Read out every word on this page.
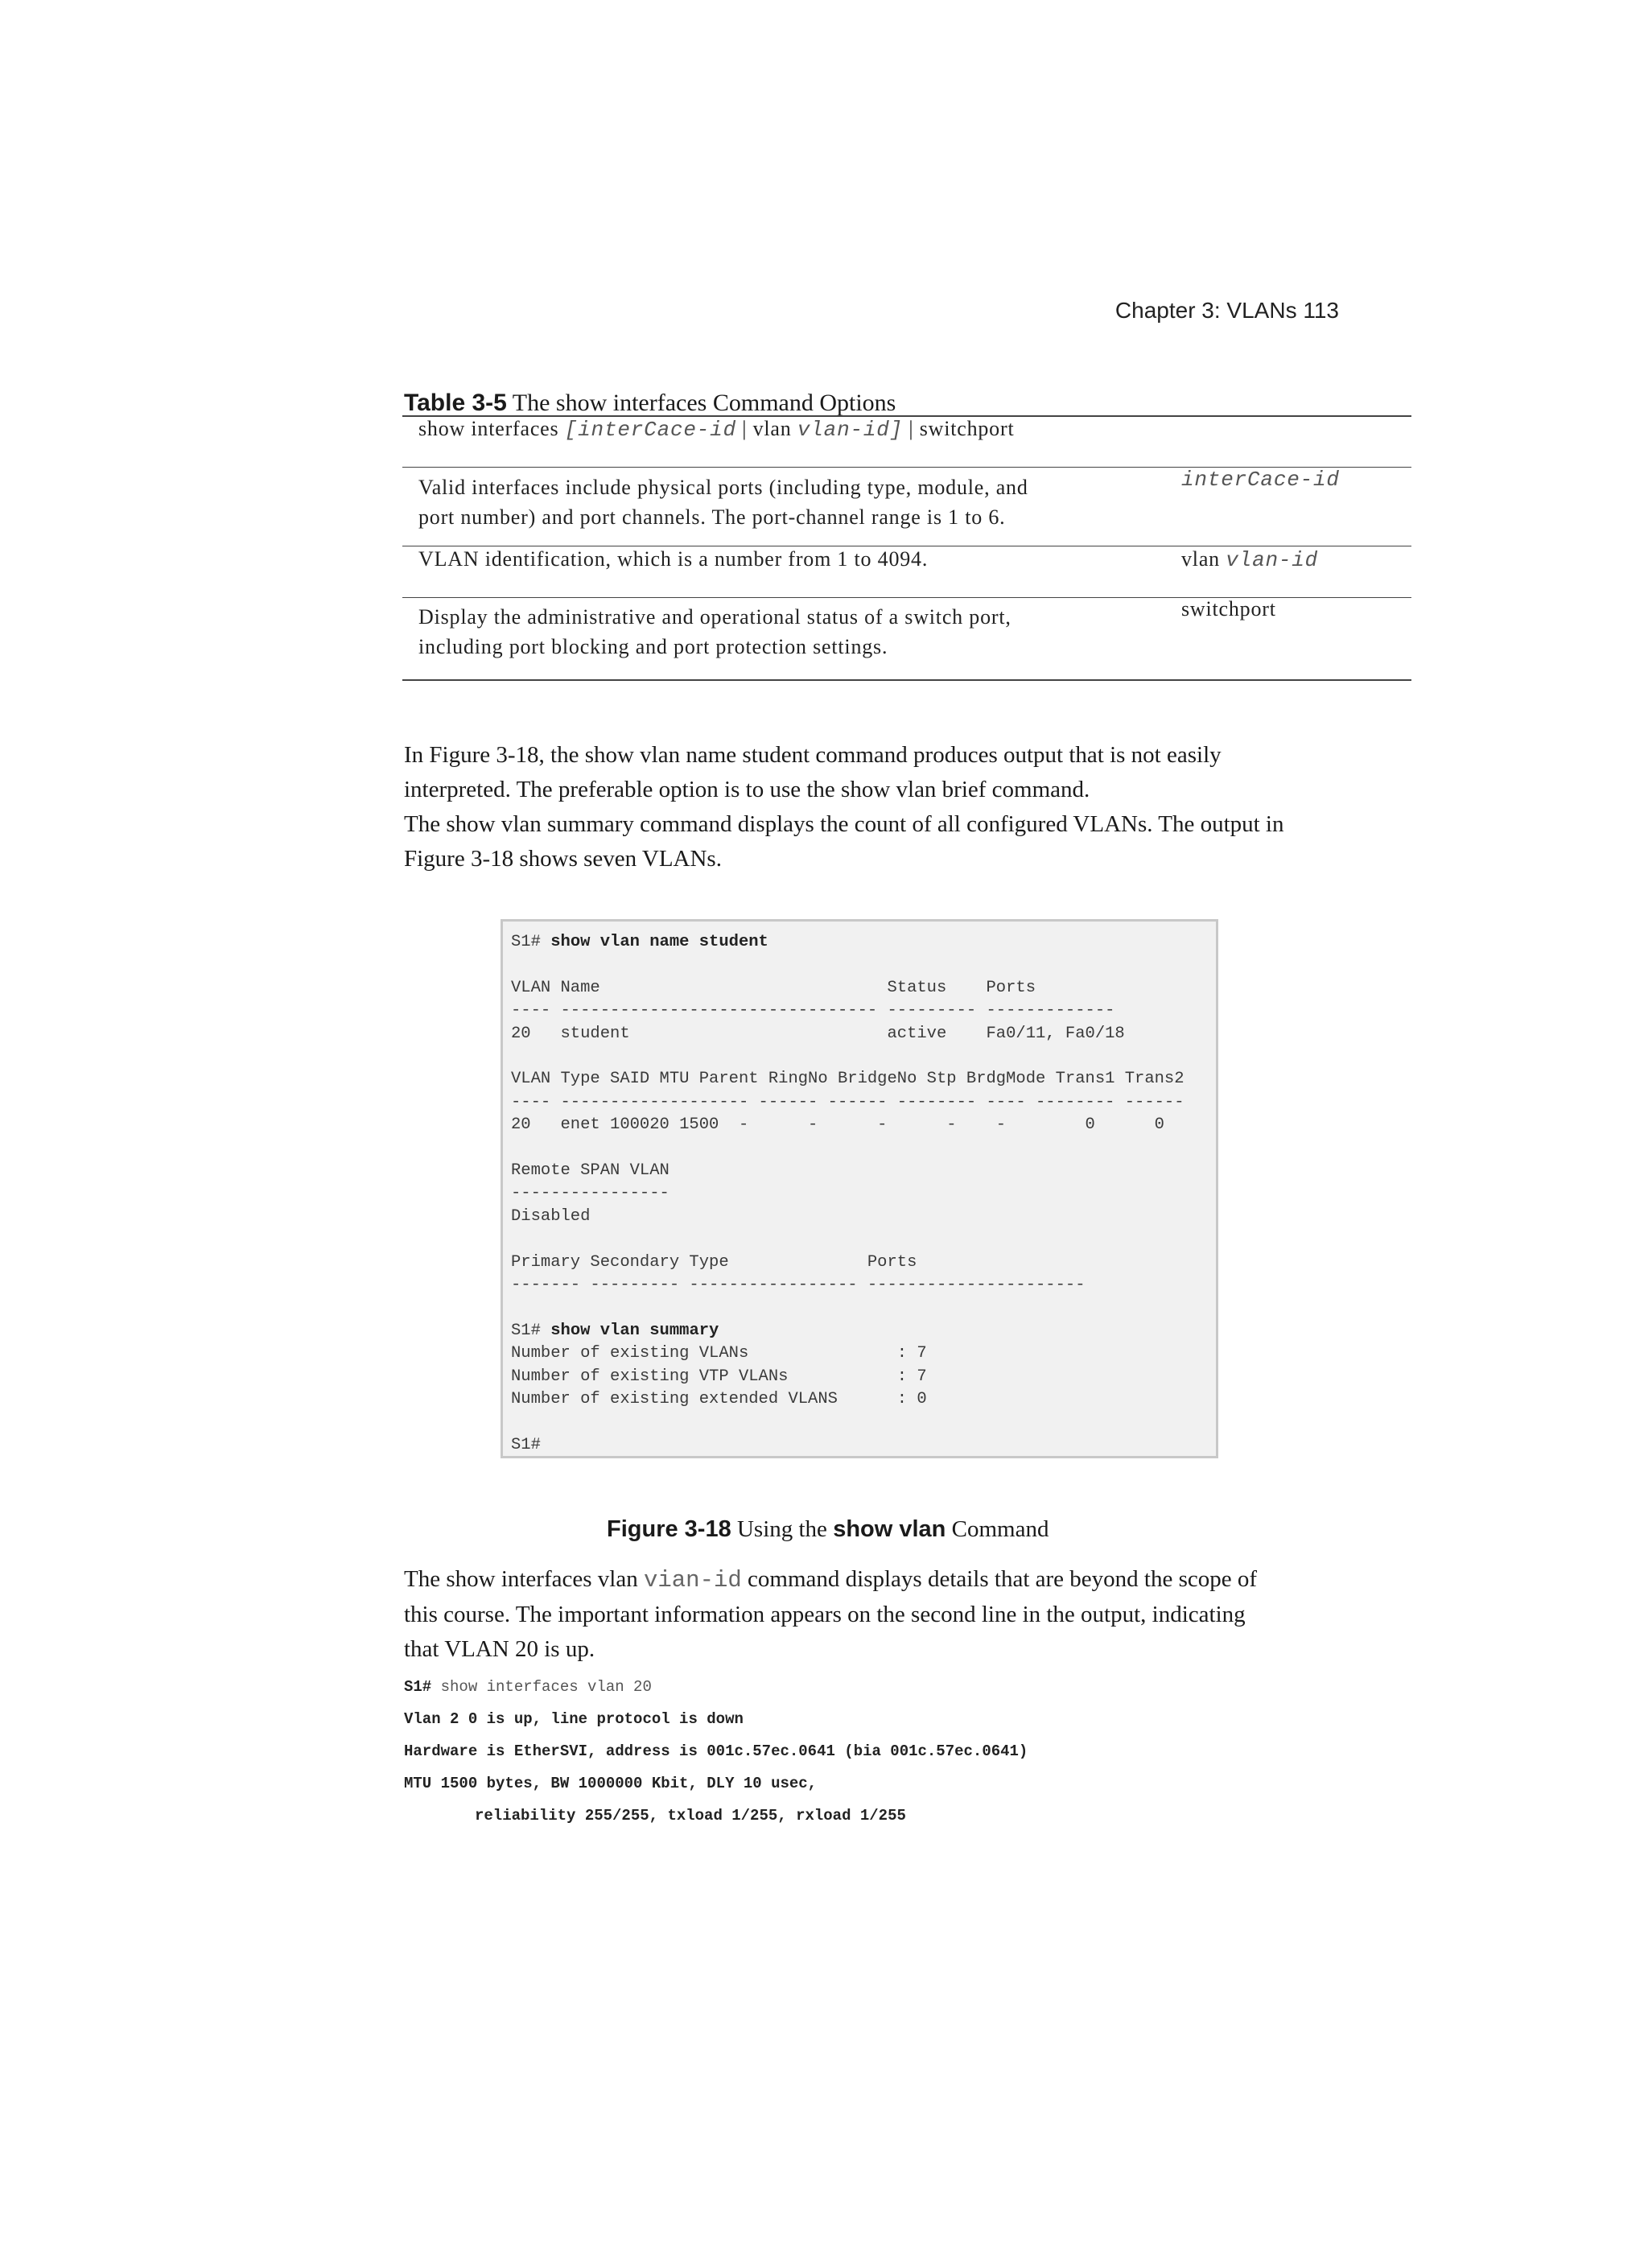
Chapter 3: VLANs 113
Table 3-5 The show interfaces Command Options
show interfaces [interCace-id | vlan vlan-id] | switchport
Valid interfaces include physical ports (including type, module, and
port number) and port channels. The port-channel range is 1 to 6.
interCace-id
VLAN identification, which is a number from 1 to 4094.	vlan vlan-id
Display the administrative and operational status of a switch port,
including port blocking and port protection settings.
switchport

In Figure 3-18, the show vlan name student command produces output that is not easily

interpreted. The preferable option is to use the show vlan brief command.

The show vlan summary command displays the count of all configured VLANs. The output in

Figure 3-18 shows seven VLANs.

S1# show vlan name student

VLAN Name                             Status    Ports
---- -------------------------------- --------- -------------
20   student                          active    Fa0/11, Fa0/18

VLAN Type SAID MTU Parent RingNo BridgeNo Stp BrdgMode Trans1 Trans2
---- ------------------- ------ ------ -------- ---- -------- ------
20   enet 100020 1500  -      -      -      -    -        0      0

Remote SPAN VLAN
----------------
Disabled

Primary Secondary Type              Ports
------- --------- ----------------- ----------------------

S1# show vlan summary
Number of existing VLANs               : 7
Number of existing VTP VLANs           : 7
Number of existing extended VLANS      : 0

S1#
Figure 3-18 Using the show vlan Command

The show interfaces vlan vian-id command displays details that are beyond the scope of

this course. The important information appears on the second line in the output, indicating

that VLAN 20 is up.

S1# show interfaces vlan 20
Vlan 2 0 is up, line protocol is down
Hardware is EtherSVI, address is 001c.57ec.0641 (bia 001c.57ec.0641)
MTU 1500 bytes, BW 1000000 Kbit, DLY 10 usec,
reliability 255/255, txload 1/255, rxload 1/255
